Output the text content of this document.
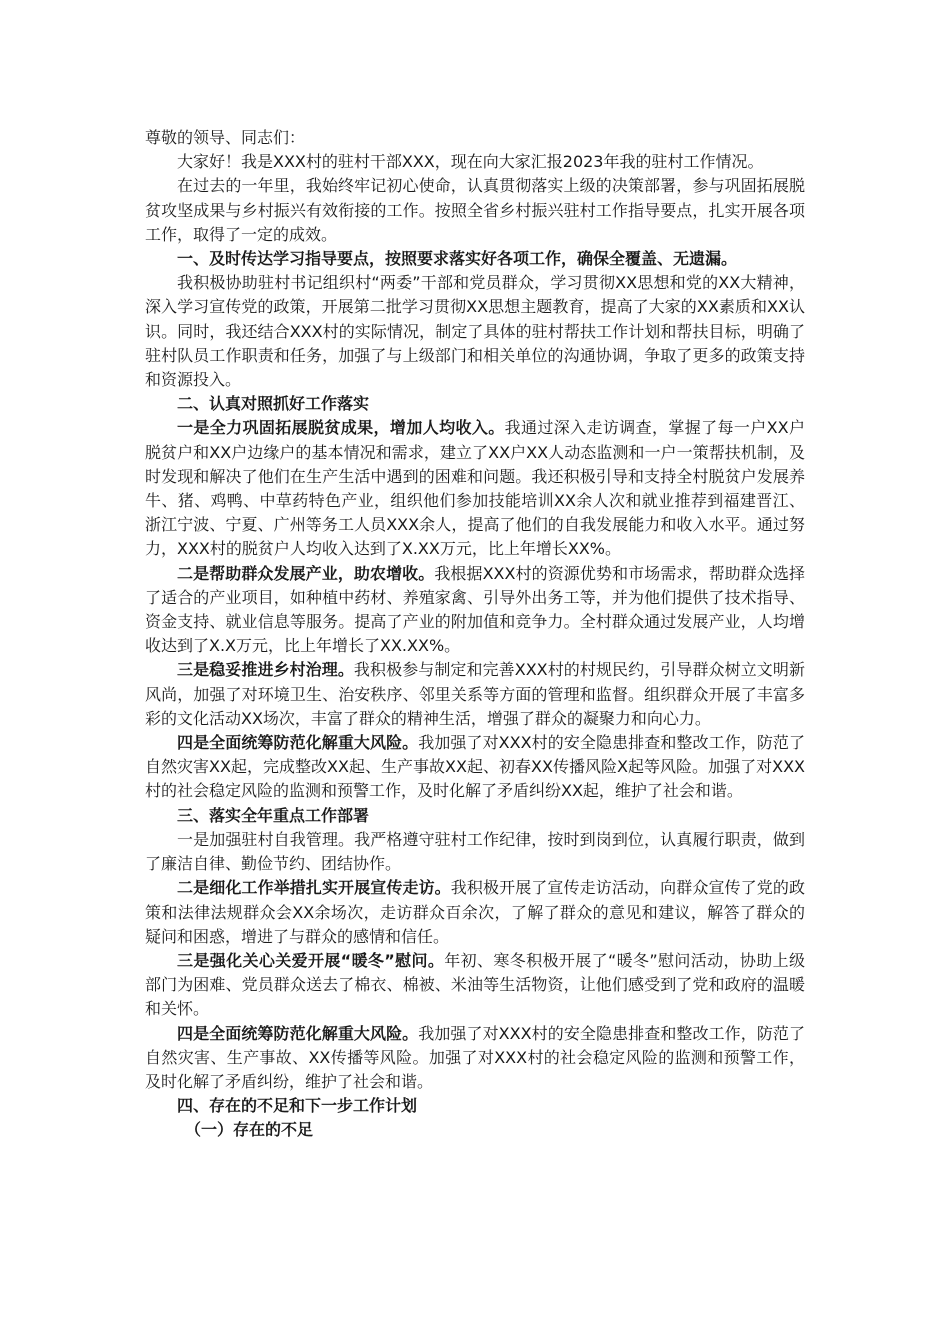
尊敬的领导、同志们：

大家好！我是XXX村的驻村干部XXX，现在向大家汇报2023年我的驻村工作情况。

在过去的一年里，我始终牢记初心使命，认真贯彻落实上级的决策部署，参与巩固拓展脱贫攻坚成果与乡村振兴有效衔接的工作。按照全省乡村振兴驻村工作指导要点，扎实开展各项工作，取得了一定的成效。

一、及时传达学习指导要点，按照要求落实好各项工作，确保全覆盖、无遗漏。

我积极协助驻村书记组织村“两委”干部和党员群众，学习贯彻XX思想和党的XX大精神，深入学习宣传党的政策，开展第二批学习贯彻XX思想主题教育，提高了大家的XX素质和XX认识。同时，我还结合XXX村的实际情况，制定了具体的驻村帮扶工作计划和帮扶目标，明确了驻村队员工作职责和任务，加强了与上级部门和相关单位的沟通协调，争取了更多的政策支持和资源投入。

二、认真对照抓好工作落实

一是全力巩固拓展脱贫成果，增加人均收入。我通过深入走访调查，掌握了每一户XX户脱贫户和XX户边缘户的基本情况和需求，建立了XX户XX人动态监测和一户一策帮扶机制，及时发现和解决了他们在生产生活中遇到的困难和问题。我还积极引导和支持全村脱贫户发展养牛、猪、鸡鸭、中草药特色产业，组织他们参加技能培训XX余人次和就业推荐到福建晋江、浙江宁波、宁夏、广州等务工人员XXX余人，提高了他们的自我发展能力和收入水平。通过努力，XXX村的脱贫户人均收入达到了X.XX万元，比上年增长XX%。

二是帮助群众发展产业，助农增收。我根据XXX村的资源优势和市场需求，帮助群众选择了适合的产业项目，如种植中药材、养殖家禽、引导外出务工等，并为他们提供了技术指导、资金支持、就业信息等服务。提高了产业的附加值和竞争力。全村群众通过发展产业，人均增收达到了X.X万元，比上年增长了XX.XX%。

三是稳妥推进乡村治理。我积极参与制定和完善XXX村的村规民约，引导群众树立文明新风尚，加强了对环境卫生、治安秩序、邻里关系等方面的管理和监督。组织群众开展了丰富多彩的文化活动XX场次，丰富了群众的精神生活，增强了群众的凝聚力和向心力。

四是全面统筹防范化解重大风险。我加强了对XXX村的安全隐患排查和整改工作，防范了自然灾害XX起，完成整改XX起、生产事故XX起、初春XX传播风险X起等风险。加强了对XXX村的社会稳定风险的监测和预警工作，及时化解了矛盾纠纷XX起，维护了社会和谐。

三、落实全年重点工作部署

一是加强驻村自我管理。我严格遵守驻村工作纪律，按时到岗到位，认真履行职责，做到了廉洁自律、勤俭节约、团结协作。

二是细化工作举措扎实开展宣传走访。我积极开展了宣传走访活动，向群众宣传了党的政策和法律法规群众会XX余场次，走访群众百余次，了解了群众的意见和建议，解答了群众的疑问和困惑，增进了与群众的感情和信任。

三是强化关心关爱开展“暖冬”慰问。年初、寒冬积极开展了“暖冬”慰问活动，协助上级部门为困难、党员群众送去了棉衣、棉被、米油等生活物资，让他们感受到了党和政府的温暖和关怀。

四是全面统筹防范化解重大风险。我加强了对XXX村的安全隐患排查和整改工作，防范了自然灾害、生产事故、XX传播等风险。加强了对XXX村的社会稳定风险的监测和预警工作，及时化解了矛盾纠纷，维护了社会和谐。

四、存在的不足和下一步工作计划

（一）存在的不足
